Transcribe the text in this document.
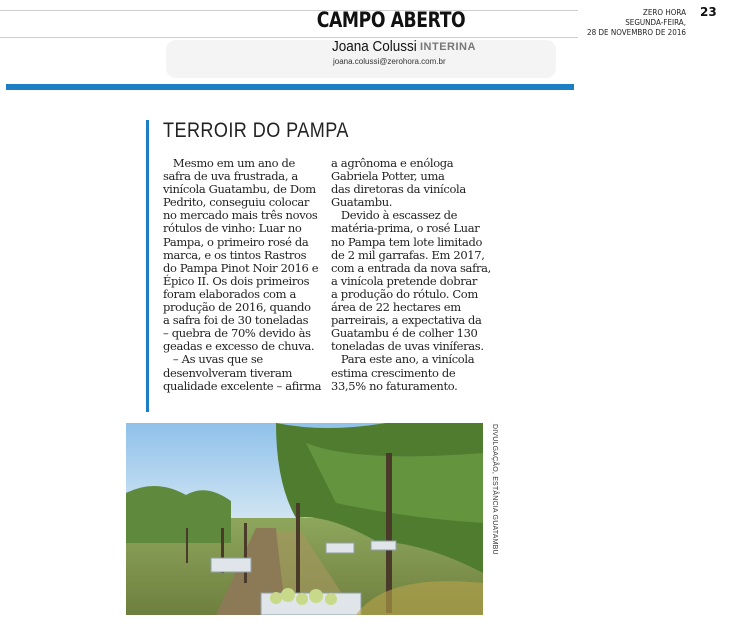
CAMPO ABERTO	ZERO HORA
SEGUNDA-FEIRA,
28 DE NOVEMBRO DE 2016
23
Joana Colussi INTERINA
joana.colussi@zerohora.com.br
TERROIR DO PAMPA
Mesmo em um ano de
safra de uva frustrada, a
vinícola Guatambu, de Dom
Pedrito, conseguiu colocar
no mercado mais três novos
rótulos de vinho: Luar no
Pampa, o primeiro rosé da
marca, e os tintos Rastros
do Pampa Pinot Noir 2016 e
Épico II. Os dois primeiros
foram elaborados com a
produção de 2016, quando
a safra foi de 30 toneladas
– quebra de 70% devido às
geadas e excesso de chuva.
– As uvas que se
desenvolveram tiveram
qualidade excelente – afirma
a agrônoma e enóloga
Gabriela Potter, uma
das diretoras da vinícola
Guatambu.
Devido à escassez de
matéria-prima, o rosé Luar
no Pampa tem lote limitado
de 2 mil garrafas. Em 2017,
com a entrada da nova safra,
a vinícola pretende dobrar
a produção do rótulo. Com
área de 22 hectares em
parreirais, a expectativa da
Guatambu é de colher 130
toneladas de uvas viníferas.
Para este ano, a vinícola
estima crescimento de
33,5% no faturamento.
DIVULGAÇÃO, ESTÂNCIA GUATAMBU
